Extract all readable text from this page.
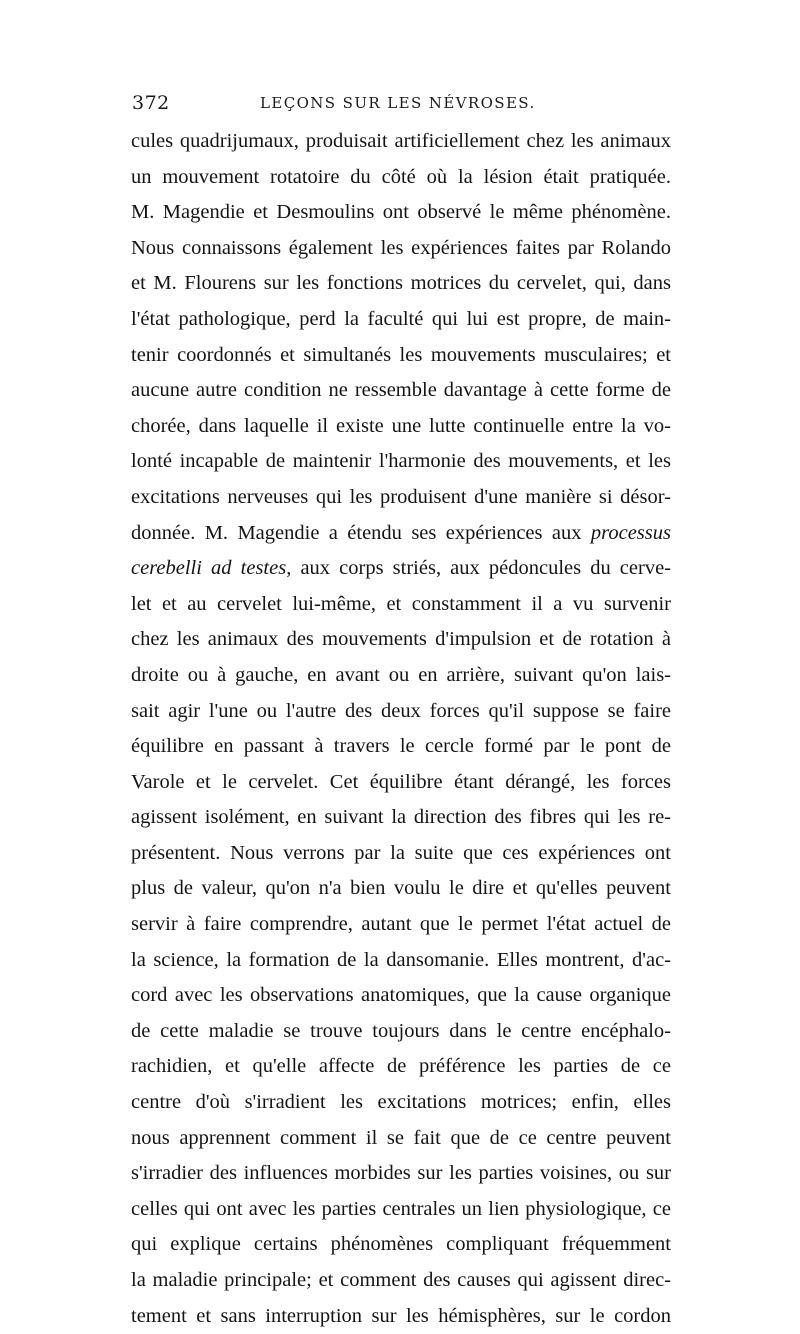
372	LEÇONS SUR LES NÉVROSES.
cules quadrijumaux, produisait artificiellement chez les animaux
un mouvement rotatoire du côté où la lésion était pratiquée.
M. Magendie et Desmoulins ont observé le même phénomène.
Nous connaissons également les expériences faites par Rolando
et M. Flourens sur les fonctions motrices du cervelet, qui, dans
l'état pathologique, perd la faculté qui lui est propre, de main-
tenir coordonnés et simultanés les mouvements musculaires; et
aucune autre condition ne ressemble davantage à cette forme de
chorée, dans laquelle il existe une lutte continuelle entre la vo-
lonté incapable de maintenir l'harmonie des mouvements, et les
excitations nerveuses qui les produisent d'une manière si désor-
donnée. M. Magendie a étendu ses expériences aux processus
cerebelli ad testes, aux corps striés, aux pédoncules du cerve-
let et au cervelet lui-même, et constamment il a vu survenir
chez les animaux des mouvements d'impulsion et de rotation à
droite ou à gauche, en avant ou en arrière, suivant qu'on lais-
sait agir l'une ou l'autre des deux forces qu'il suppose se faire
équilibre en passant à travers le cercle formé par le pont de
Varole et le cervelet. Cet équilibre étant dérangé, les forces
agissent isolément, en suivant la direction des fibres qui les re-
présentent. Nous verrons par la suite que ces expériences ont
plus de valeur, qu'on n'a bien voulu le dire et qu'elles peuvent
servir à faire comprendre, autant que le permet l'état actuel de
la science, la formation de la dansomanie. Elles montrent, d'ac-
cord avec les observations anatomiques, que la cause organique
de cette maladie se trouve toujours dans le centre encéphalo-
rachidien, et qu'elle affecte de préférence les parties de ce
centre d'où s'irradient les excitations motrices; enfin, elles
nous apprennent comment il se fait que de ce centre peuvent
s'irradier des influences morbides sur les parties voisines, ou sur
celles qui ont avec les parties centrales un lien physiologique, ce
qui explique certains phénomènes compliquant fréquemment
la maladie principale; et comment des causes qui agissent direc-
tement et sans interruption sur les hémisphères, sur le cordon
